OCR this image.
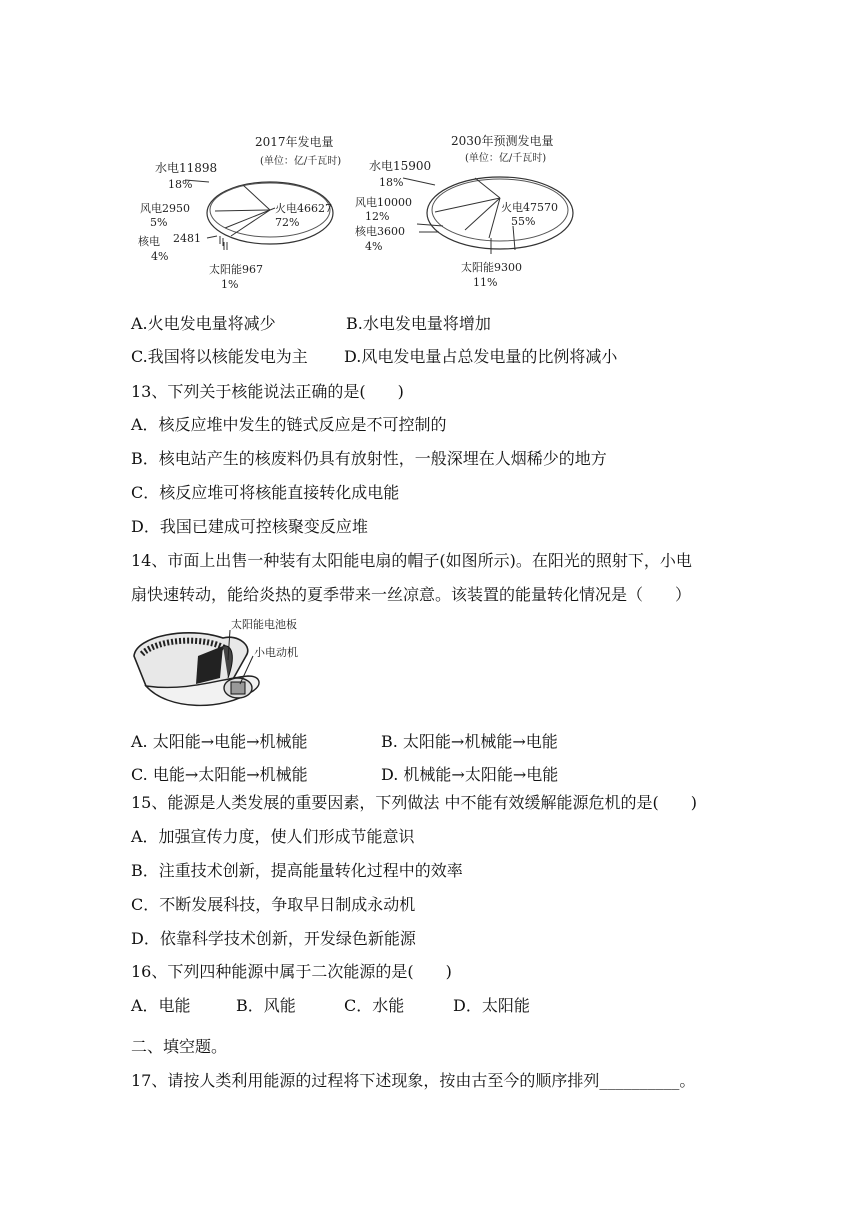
2017年发电量
(单位：亿/千瓦时)
水电11898
18%
火电46627
72%
风电2950
5%
核电 2481
4%
太阳能967
1%
2030年预测发电量
(单位：亿/千瓦时)
水电15900
18%
火电47570
55%
风电10000
12%
核电3600
4%
太阳能9300
11%
A.火电发电量将减少	B.水电发电量将增加
C.我国将以核能发电为主 D.风电发电量占总发电量的比例将减小
13、下列关于核能说法正确的是(　　)
A．核反应堆中发生的链式反应是不可控制的
B．核电站产生的核废料仍具有放射性，一般深埋在人烟稀少的地方
C．核反应堆可将核能直接转化成电能
D．我国已建成可控核聚变反应堆
14、市面上出售一种装有太阳能电扇的帽子(如图所示)。在阳光的照射下，小电
扇快速转动，能给炎热的夏季带来一丝凉意。该装置的能量转化情况是（　　）
太阳能电池板
小电动机
A. 太阳能→电能→机械能	B. 太阳能→机械能→电能
C. 电能→太阳能→机械能	D. 机械能→太阳能→电能
15、能源是人类发展的重要因素，下列做法 中不能有效缓解能源危机的是(　　)
A．加强宣传力度，使人们形成节能意识
B．注重技术创新，提高能量转化过程中的效率
C．不断发展科技，争取早日制成永动机
D．依靠科学技术创新，开发绿色新能源
16、下列四种能源中属于二次能源的是(　　)
A．电能	B．风能	C．水能	D．太阳能
二、填空题。
17、请按人类利用能源的过程将下述现象，按由古至今的顺序排列__________。
